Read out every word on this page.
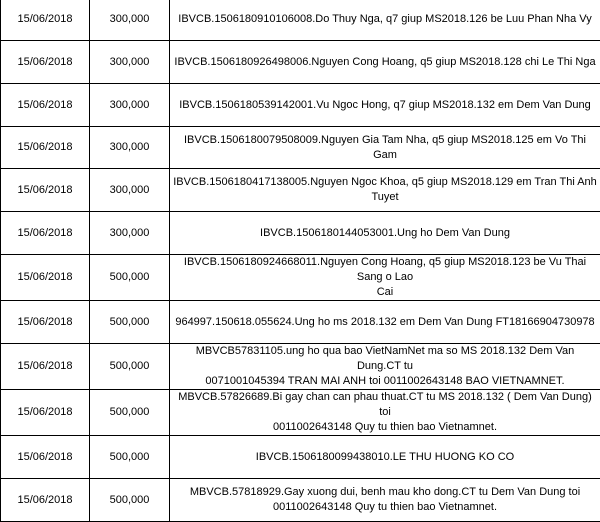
15/06/2018	300,000	IBVCB.1506180910106008.Do Thuy Nga, q7 giup MS2018.126 be Luu Phan Nha Vy
15/06/2018	300,000	IBVCB.1506180926498006.Nguyen Cong Hoang, q5 giup MS2018.128 chi Le Thi Nga
15/06/2018	300,000	IBVCB.1506180539142001.Vu Ngoc Hong, q7 giup MS2018.132 em Dem Van Dung
15/06/2018	300,000	IBVCB.1506180079508009.Nguyen Gia Tam Nha, q5 giup MS2018.125 em Vo Thi Gam
15/06/2018	300,000	IBVCB.1506180417138005.Nguyen Ngoc Khoa, q5 giup MS2018.129 em Tran Thi Anh Tuyet
15/06/2018	300,000	IBVCB.1506180144053001.Ung ho Dem Van Dung
15/06/2018	500,000	IBVCB.1506180924668011.Nguyen Cong Hoang, q5 giup MS2018.123 be Vu Thai Sang o Lao
Cai
15/06/2018	500,000	964997.150618.055624.Ung ho ms 2018.132 em Dem Van Dung FT18166904730978
15/06/2018	500,000	MBVCB57831105.ung ho qua bao VietNamNet ma so MS 2018.132 Dem Van Dung.CT tu
0071001045394 TRAN MAI ANH toi 0011002643148 BAO VIETNAMNET.
15/06/2018	500,000	MBVCB.57826689.Bi gay chan can phau thuat.CT tu MS 2018.132 ( Dem Van Dung) toi
0011002643148 Quy tu thien bao Vietnamnet.
15/06/2018	500,000	IBVCB.1506180099438010.LE THU HUONG KO CO
15/06/2018	500,000	MBVCB.57818929.Gay xuong dui, benh mau kho dong.CT tu Dem Van Dung toi
0011002643148 Quy tu thien bao Vietnamnet.
